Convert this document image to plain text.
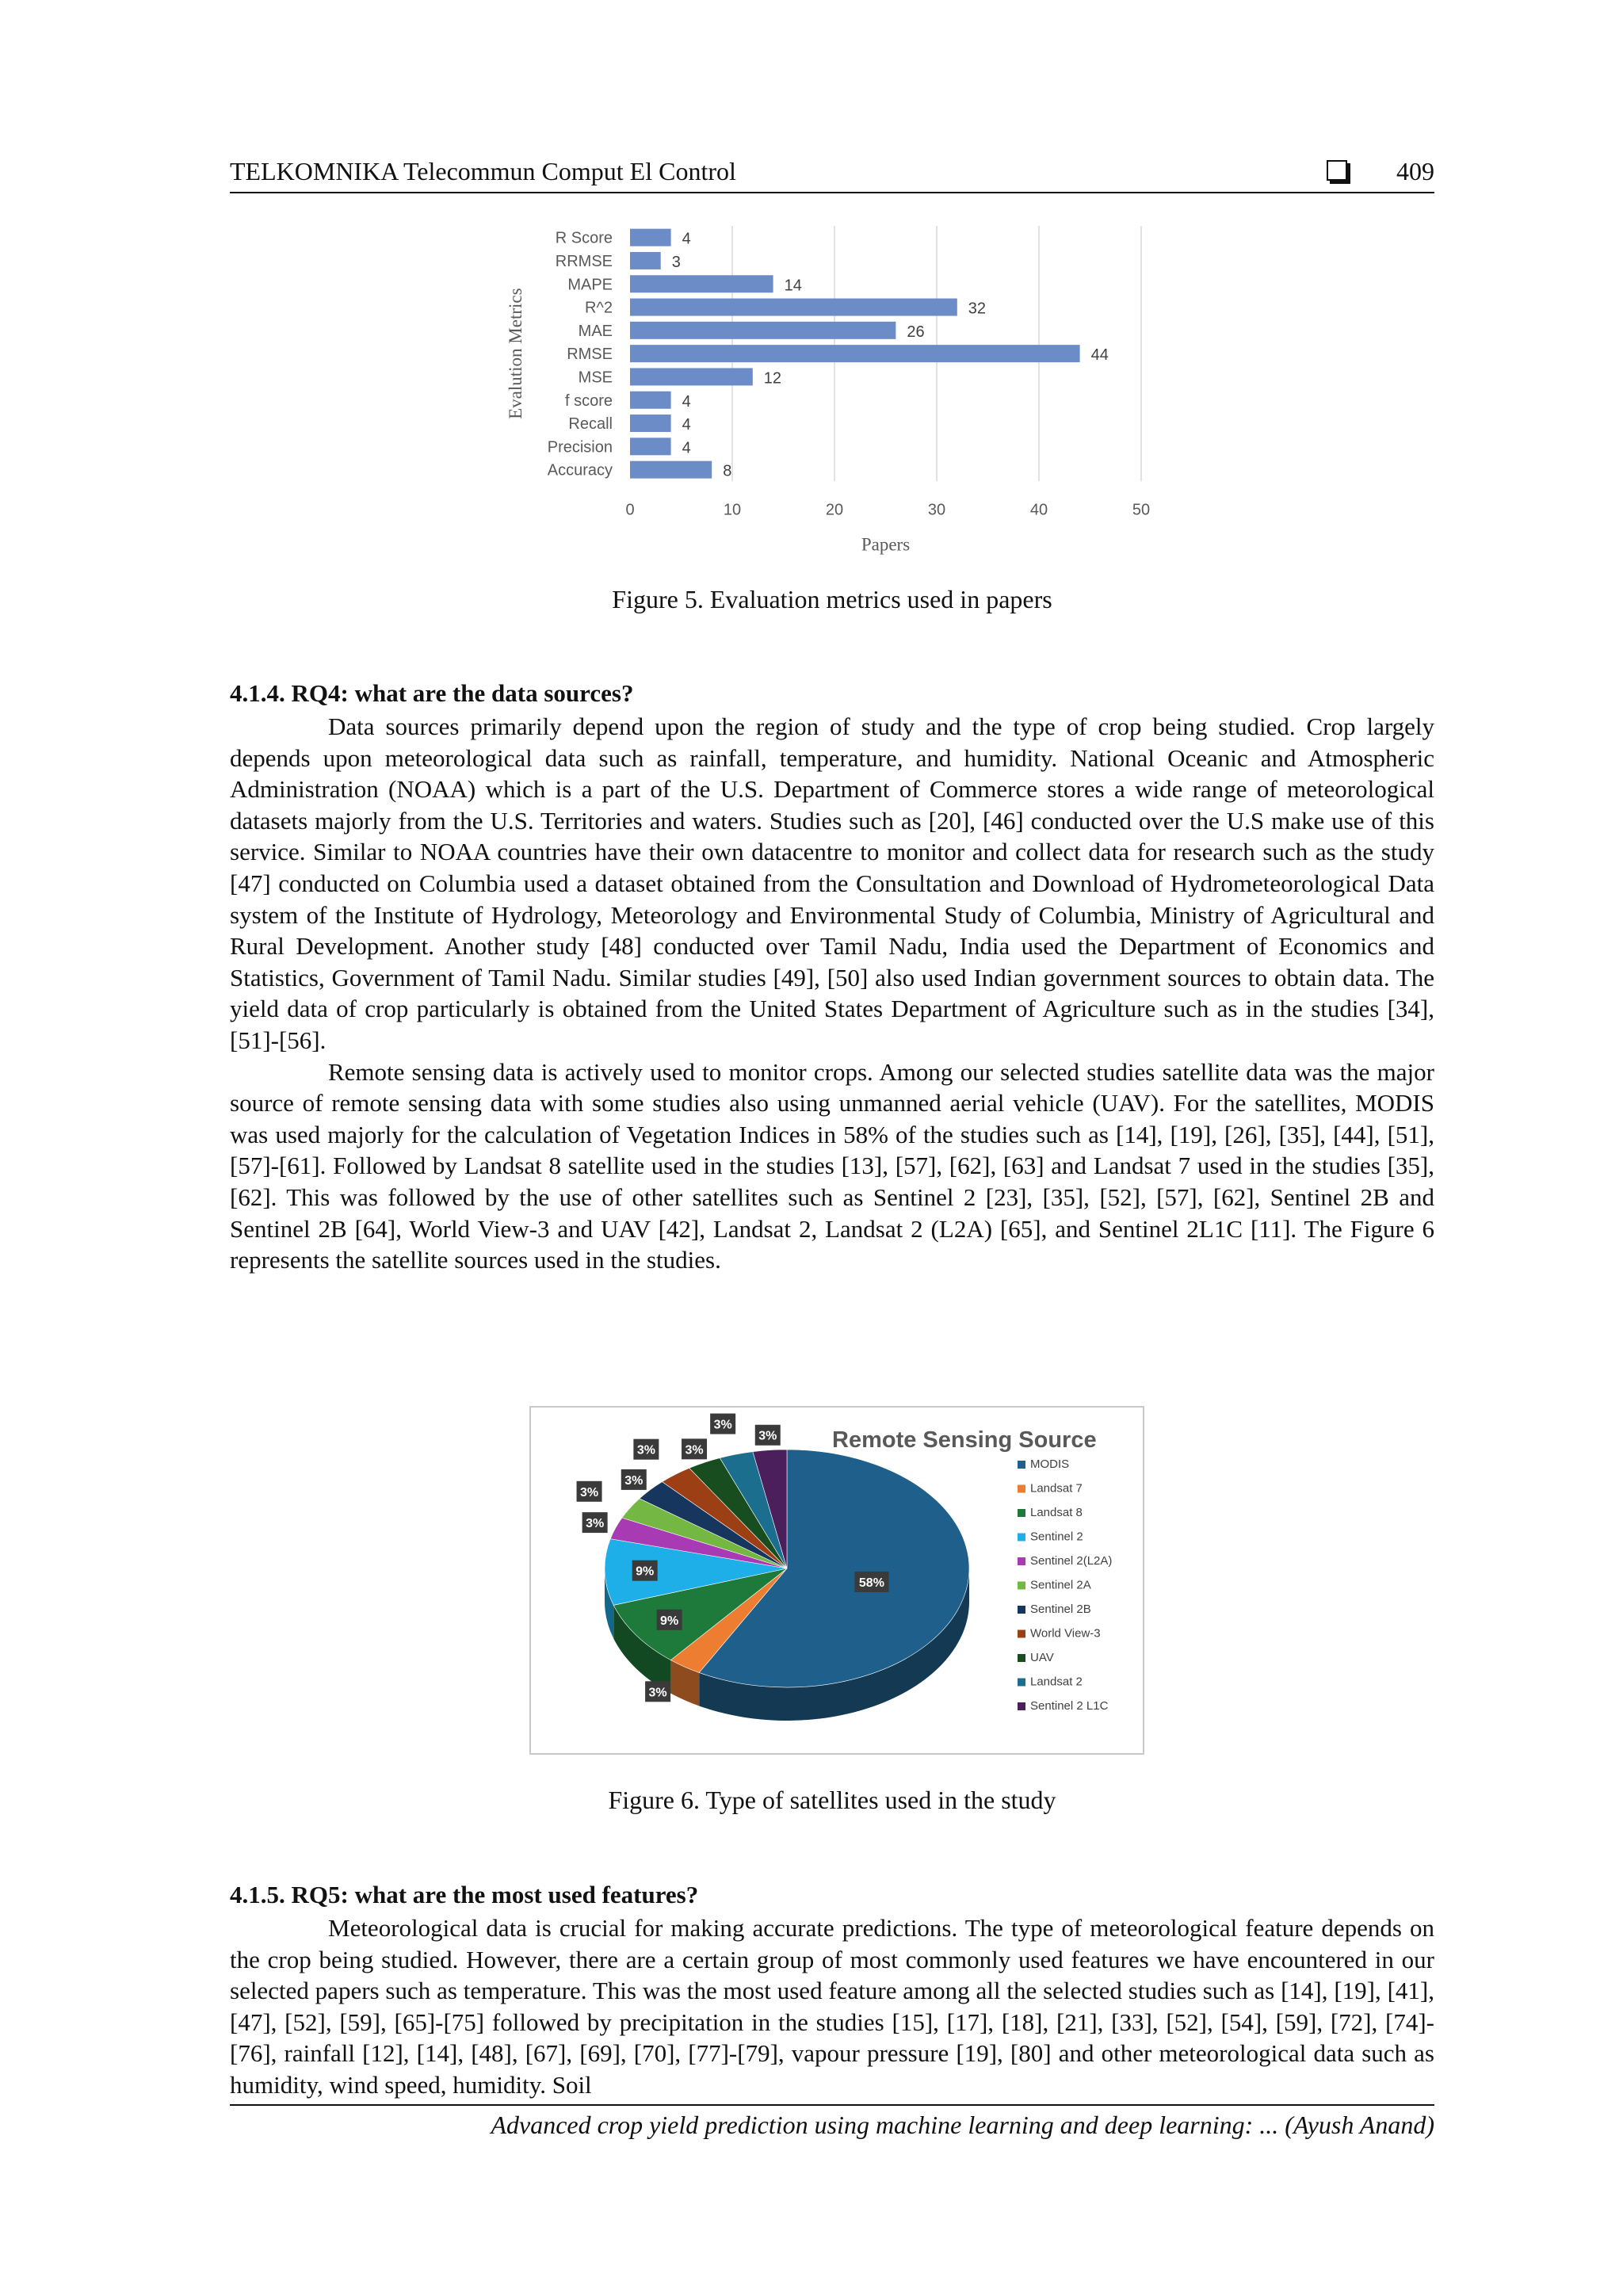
TELKOMNIKA Telecommun Comput El Control	409
0	10	20	30	40	50
R Score	4
RRMSE	3
MAPE	14
R^2	32
MAE	26
RMSE	44
MSE	12
f score	4
Recall	4
Precision	4
Accuracy	8
Papers
Evalution Metrics
Figure 5. Evaluation metrics used in papers
4.1.4. RQ4: what are the data sources?

Data sources primarily depend upon the region of study and the type of crop being studied. Crop largely depends upon meteorological data such as rainfall, temperature, and humidity. National Oceanic and Atmospheric Administration (NOAA) which is a part of the U.S. Department of Commerce stores a wide range of meteorological datasets majorly from the U.S. Territories and waters. Studies such as [20], [46] conducted over the U.S make use of this service. Similar to NOAA countries have their own datacentre to monitor and collect data for research such as the study [47] conducted on Columbia used a dataset obtained from the Consultation and Download of Hydrometeorological Data system of the Institute of Hydrology, Meteorology and Environmental Study of Columbia, Ministry of Agricultural and Rural Development. Another study [48] conducted over Tamil Nadu, India used the Department of Economics and Statistics, Government of Tamil Nadu. Similar studies [49], [50] also used Indian government sources to obtain data. The yield data of crop particularly is obtained from the United States Department of Agriculture such as in the studies [34], [51]-[56].

Remote sensing data is actively used to monitor crops. Among our selected studies satellite data was the major source of remote sensing data with some studies also using unmanned aerial vehicle (UAV). For the satellites, MODIS was used majorly for the calculation of Vegetation Indices in 58% of the studies such as [14], [19], [26], [35], [44], [51], [57]-[61]. Followed by Landsat 8 satellite used in the studies [13], [57], [62], [63] and Landsat 7 used in the studies [35], [62]. This was followed by the use of other satellites such as Sentinel 2 [23], [35], [52], [57], [62], Sentinel 2B and Sentinel 2B [64], World View-3 and UAV [42], Landsat 2, Landsat 2 (L2A) [65], and Sentinel 2L1C [11]. The Figure 6 represents the satellite sources used in the studies.

Remote Sensing Source
58%
3%
9%
9%
3%
3%
3%
3% 3%
3%
3%
MODIS
Landsat 7
Landsat 8
Sentinel 2
Sentinel 2(L2A)
Sentinel 2A
Sentinel 2B
World View-3
UAV
Landsat 2
Sentinel 2 L1C
Figure 6. Type of satellites used in the study
4.1.5. RQ5: what are the most used features?

Meteorological data is crucial for making accurate predictions. The type of meteorological feature depends on the crop being studied. However, there are a certain group of most commonly used features we have encountered in our selected papers such as temperature. This was the most used feature among all the selected studies such as [14], [19], [41], [47], [52], [59], [65]-[75] followed by precipitation in the studies [15], [17], [18], [21], [33], [52], [54], [59], [72], [74]-[76], rainfall [12], [14], [48], [67], [69], [70], [77]-[79], vapour pressure [19], [80] and other meteorological data such as humidity, wind speed, humidity. Soil

Advanced crop yield prediction using machine learning and deep learning: ... (Ayush Anand)
